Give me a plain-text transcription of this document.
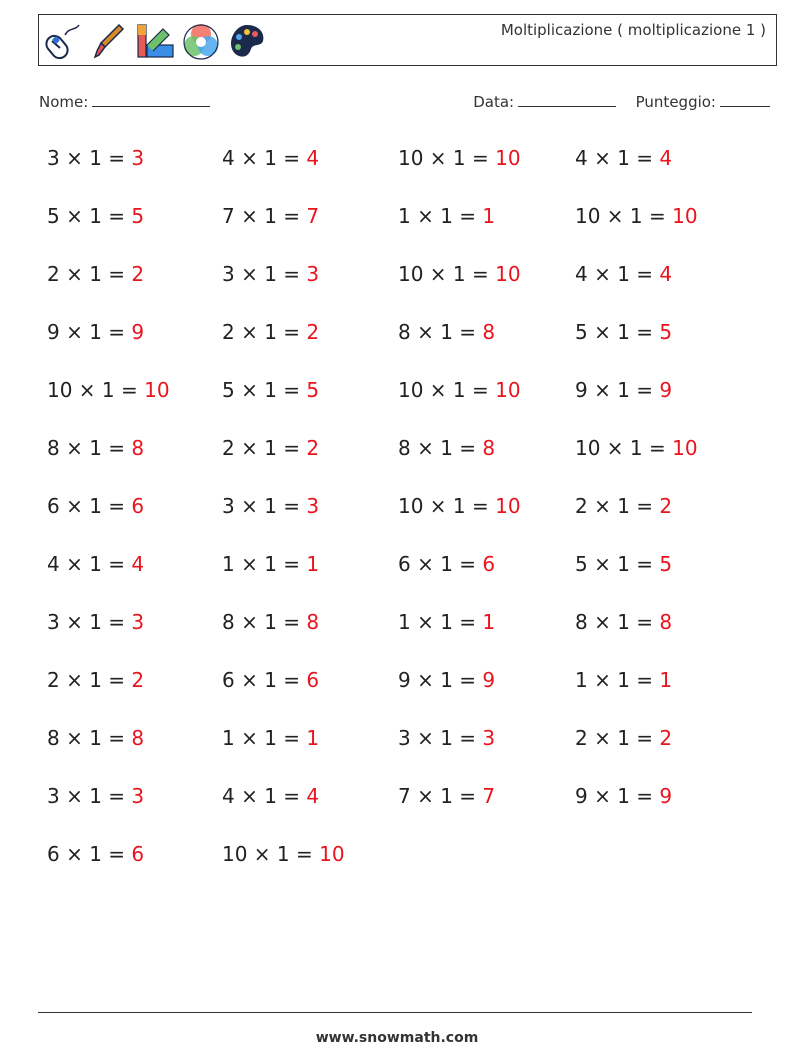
Moltiplicazione ( moltiplicazione 1 )
Nome:	Data:	Punteggio:
3 × 1 = 3	4 × 1 = 4	10 × 1 = 10	4 × 1 = 4
5 × 1 = 5	7 × 1 = 7	1 × 1 = 1	10 × 1 = 10
2 × 1 = 2	3 × 1 = 3	10 × 1 = 10	4 × 1 = 4
9 × 1 = 9	2 × 1 = 2	8 × 1 = 8	5 × 1 = 5
10 × 1 = 10	5 × 1 = 5	10 × 1 = 10	9 × 1 = 9
8 × 1 = 8	2 × 1 = 2	8 × 1 = 8	10 × 1 = 10
6 × 1 = 6	3 × 1 = 3	10 × 1 = 10	2 × 1 = 2
4 × 1 = 4	1 × 1 = 1	6 × 1 = 6	5 × 1 = 5
3 × 1 = 3	8 × 1 = 8	1 × 1 = 1	8 × 1 = 8
2 × 1 = 2	6 × 1 = 6	9 × 1 = 9	1 × 1 = 1
8 × 1 = 8	1 × 1 = 1	3 × 1 = 3	2 × 1 = 2
3 × 1 = 3	4 × 1 = 4	7 × 1 = 7	9 × 1 = 9
6 × 1 = 6	10 × 1 = 10
www.snowmath.com
